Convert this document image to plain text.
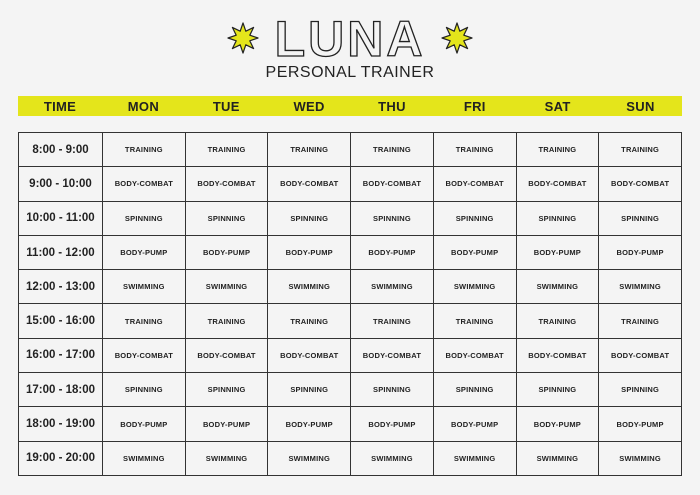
LUNA
PERSONAL TRAINER
TIME	MON	TUE	WED	THU	FRI	SAT	SUN
8:00 - 9:00	TRAINING	TRAINING	TRAINING	TRAINING	TRAINING	TRAINING	TRAINING
9:00 - 10:00	BODY-COMBAT	BODY-COMBAT	BODY-COMBAT	BODY-COMBAT	BODY-COMBAT	BODY-COMBAT	BODY-COMBAT
10:00 - 11:00	SPINNING	SPINNING	SPINNING	SPINNING	SPINNING	SPINNING	SPINNING
11:00 - 12:00	BODY-PUMP	BODY-PUMP	BODY-PUMP	BODY-PUMP	BODY-PUMP	BODY-PUMP	BODY-PUMP
12:00 - 13:00	SWIMMING	SWIMMING	SWIMMING	SWIMMING	SWIMMING	SWIMMING	SWIMMING
15:00 - 16:00	TRAINING	TRAINING	TRAINING	TRAINING	TRAINING	TRAINING	TRAINING
16:00 - 17:00	BODY-COMBAT	BODY-COMBAT	BODY-COMBAT	BODY-COMBAT	BODY-COMBAT	BODY-COMBAT	BODY-COMBAT
17:00 - 18:00	SPINNING	SPINNING	SPINNING	SPINNING	SPINNING	SPINNING	SPINNING
18:00 - 19:00	BODY-PUMP	BODY-PUMP	BODY-PUMP	BODY-PUMP	BODY-PUMP	BODY-PUMP	BODY-PUMP
19:00 - 20:00	SWIMMING	SWIMMING	SWIMMING	SWIMMING	SWIMMING	SWIMMING	SWIMMING
